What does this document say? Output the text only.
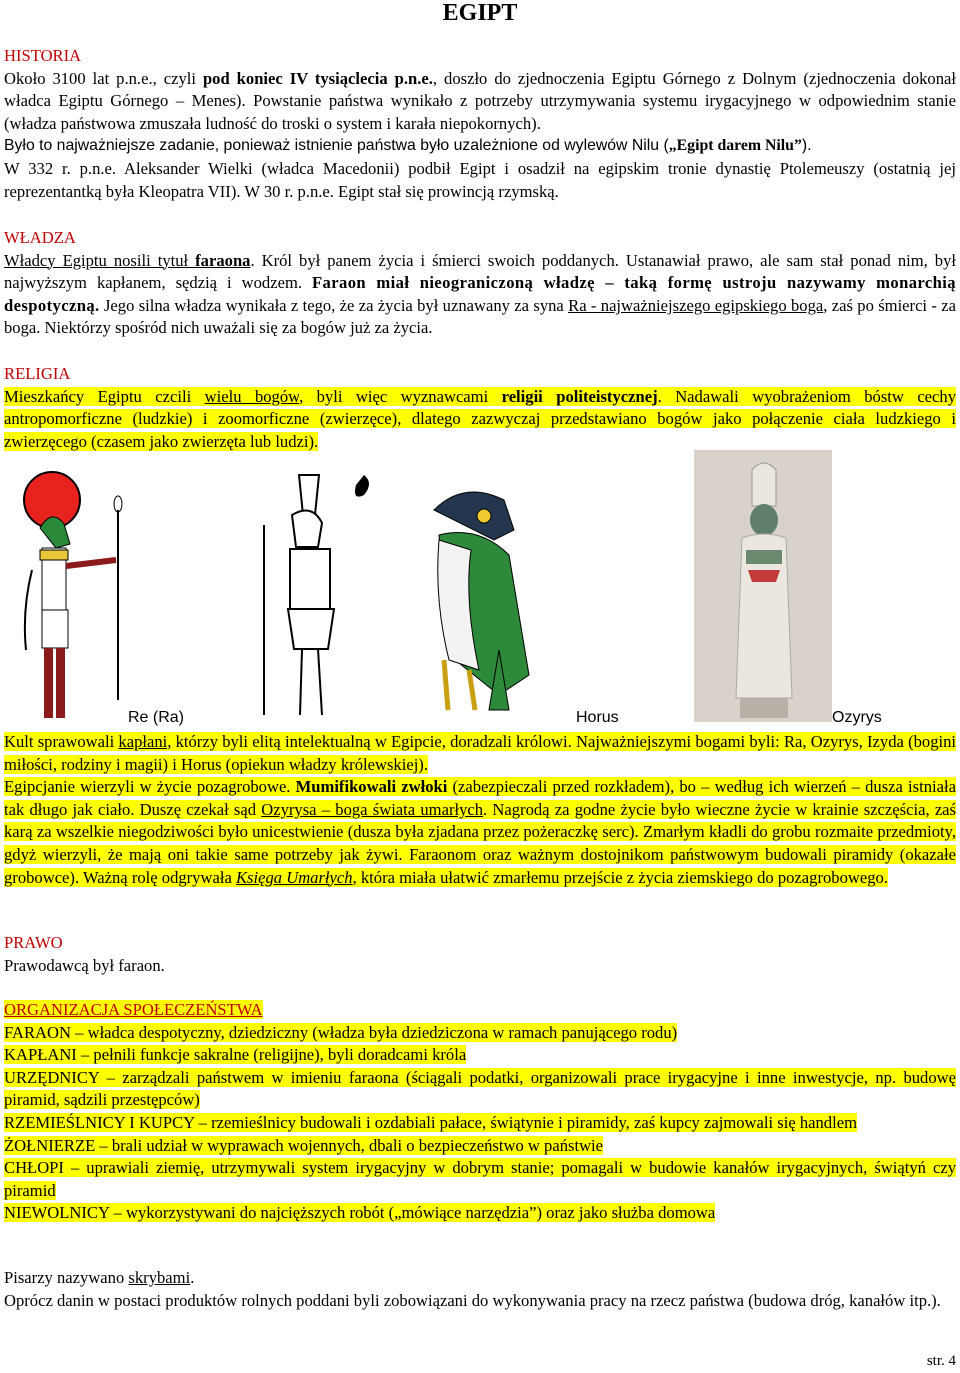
EGIPT
HISTORIA

Około 3100 lat p.n.e., czyli pod koniec IV tysiąclecia p.n.e., doszło do zjednoczenia Egiptu Górnego z Dolnym (zjednoczenia dokonał władca Egiptu Górnego – Menes). Powstanie państwa wynikało z potrzeby utrzymywania systemu irygacyjnego w odpowiednim stanie (władza państwowa zmuszała ludność do troski o system i karała niepokornych).

Było to najważniejsze zadanie, ponieważ istnienie państwa było uzależnione od wylewów Nilu („Egipt darem Nilu”).

W 332 r. p.n.e. Aleksander Wielki (władca Macedonii) podbił Egipt i osadził na egipskim tronie dynastię Ptolemeuszy (ostatnią jej reprezentantką była Kleopatra VII). W 30 r. p.n.e. Egipt stał się prowincją rzymską.

WŁADZA

Władcy Egiptu nosili tytuł faraona. Król był panem życia i śmierci swoich poddanych. Ustanawiał prawo, ale sam stał ponad nim, był najwyższym kapłanem, sędzią i wodzem. Faraon miał nieograniczoną władzę – taką formę ustroju nazywamy monarchią despotyczną. Jego silna władza wynikała z tego, że za życia był uznawany za syna Ra - najważniejszego egipskiego boga, zaś po śmierci - za boga. Niektórzy spośród nich uważali się za bogów już za życia.

RELIGIA

Mieszkańcy Egiptu czcili wielu bogów, byli więc wyznawcami religii politeistycznej. Nadawali wyobrażeniom bóstw cechy antropomorficzne (ludzkie) i zoomorficzne (zwierzęce), dlatego zazwyczaj przedstawiano bogów jako połączenie ciała ludzkiego i zwierzęcego (czasem jako zwierzęta lub ludzi).

Re (Ra)	Horus	Ozyrys

Kult sprawowali kapłani, którzy byli elitą intelektualną w Egipcie, doradzali królowi. Najważniejszymi bogami byli: Ra, Ozyrys, Izyda (bogini miłości, rodziny i magii) i Horus (opiekun władzy królewskiej).

Egipcjanie wierzyli w życie pozagrobowe. Mumifikowali zwłoki (zabezpieczali przed rozkładem), bo – według ich wierzeń – dusza istniała tak długo jak ciało. Duszę czekał sąd Ozyrysa – boga świata umarłych. Nagrodą za godne życie było wieczne życie w krainie szczęścia, zaś karą za wszelkie niegodziwości było unicestwienie (dusza była zjadana przez pożeraczkę serc). Zmarłym kładli do grobu rozmaite przedmioty, gdyż wierzyli, że mają oni takie same potrzeby jak żywi. Faraonom oraz ważnym dostojnikom państwowym budowali piramidy (okazałe grobowce). Ważną rolę odgrywała Księga Umarłych, która miała ułatwić zmarłemu przejście z życia ziemskiego do pozagrobowego.

PRAWO

Prawodawcą był faraon.

ORGANIZACJA SPOŁECZEŃSTWA

FARAON – władca despotyczny, dziedziczny (władza była dziedziczona w ramach panującego rodu)

KAPŁANI – pełnili funkcje sakralne (religijne), byli doradcami króla

URZĘDNICY – zarządzali państwem w imieniu faraona (ściągali podatki, organizowali prace irygacyjne i inne inwestycje, np. budowę piramid, sądzili przestępców)

RZEMIEŚLNICY I KUPCY – rzemieślnicy budowali i ozdabiali pałace, świątynie i piramidy, zaś kupcy zajmowali się handlem

ŻOŁNIERZE – brali udział w wyprawach wojennych, dbali o bezpieczeństwo w państwie

CHŁOPI – uprawiali ziemię, utrzymywali system irygacyjny w dobrym stanie; pomagali w budowie kanałów irygacyjnych, świątyń czy piramid

NIEWOLNICY – wykorzystywani do najcięższych robót („mówiące narzędzia”) oraz jako służba domowa

Pisarzy nazywano skrybami.

Oprócz danin w postaci produktów rolnych poddani byli zobowiązani do wykonywania pracy na rzecz państwa (budowa dróg, kanałów itp.).

str. 4
